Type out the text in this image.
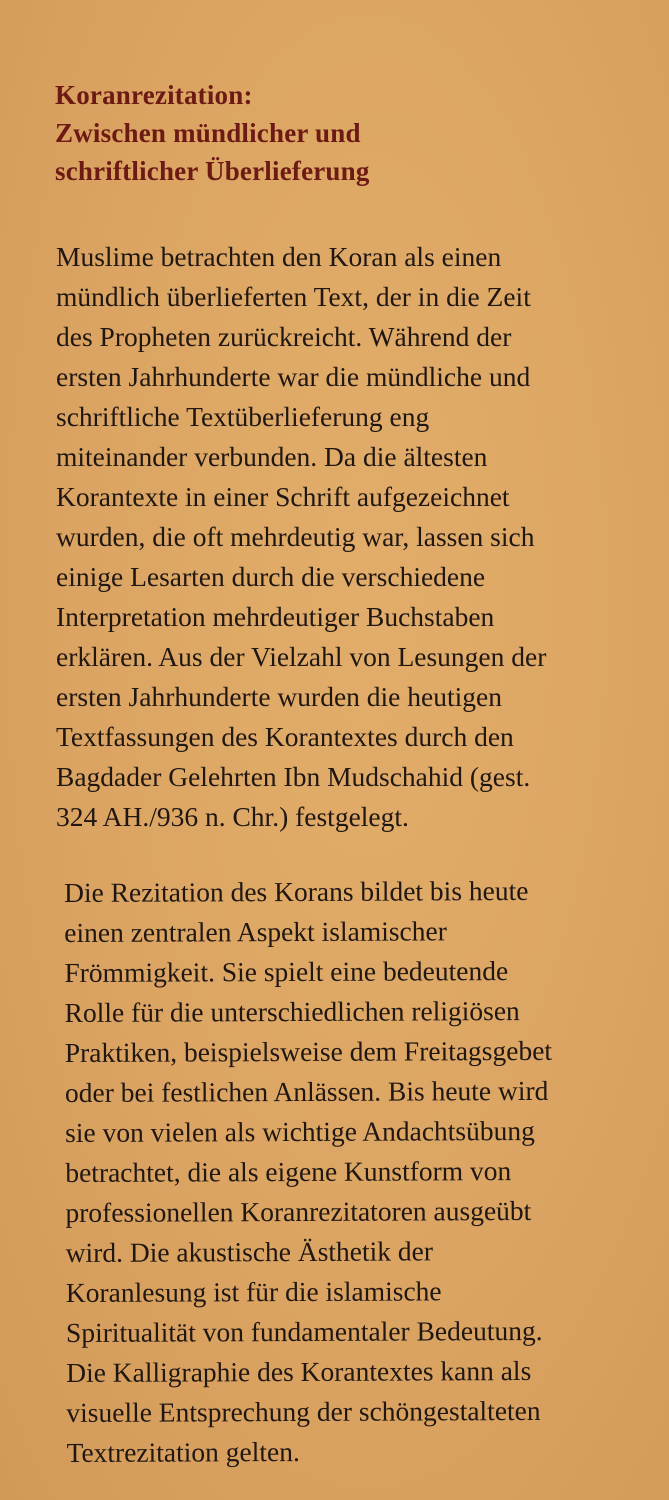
Koranrezitation:
Zwischen mündlicher und
schriftlicher Überlieferung

Muslime betrachten den Koran als einen
mündlich überlieferten Text, der in die Zeit
des Propheten zurückreicht. Während der
ersten Jahrhunderte war die mündliche und
schriftliche Textüberlieferung eng
miteinander verbunden. Da die ältesten
Korantexte in einer Schrift aufgezeichnet
wurden, die oft mehrdeutig war, lassen sich
einige Lesarten durch die verschiedene
Interpretation mehrdeutiger Buchstaben
erklären. Aus der Vielzahl von Lesungen der
ersten Jahrhunderte wurden die heutigen
Textfassungen des Korantextes durch den
Bagdader Gelehrten Ibn Mudschahid (gest.
324 AH./936 n. Chr.) festgelegt.

Die Rezitation des Korans bildet bis heute
einen zentralen Aspekt islamischer
Frömmigkeit. Sie spielt eine bedeutende
Rolle für die unterschiedlichen religiösen
Praktiken, beispielsweise dem Freitagsgebet
oder bei festlichen Anlässen. Bis heute wird
sie von vielen als wichtige Andachtsübung
betrachtet, die als eigene Kunstform von
professionellen Koranrezitatoren ausgeübt
wird. Die akustische Ästhetik der
Koranlesung ist für die islamische
Spiritualität von fundamentaler Bedeutung.
Die Kalligraphie des Korantextes kann als
visuelle Entsprechung der schöngestalteten
Textrezitation gelten.
